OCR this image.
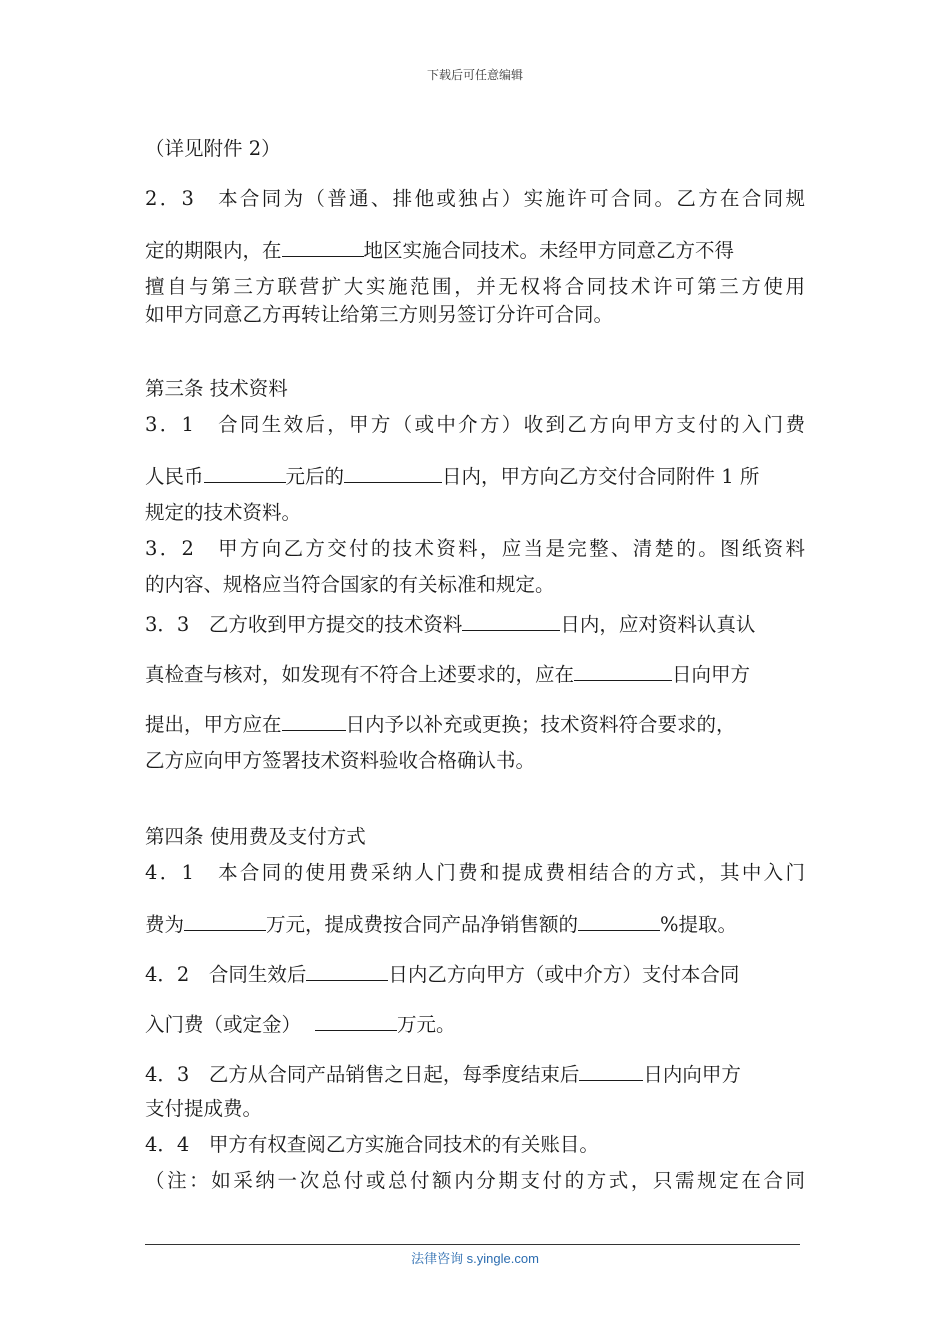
下载后可任意编辑
（详见附件 2）
2．3　本合同为（普通、排他或独占）实施许可合同。乙方在合同规
定的期限内，在	地区实施合同技术。未经甲方同意乙方不得
擅自与第三方联营扩大实施范围，并无权将合同技术许可第三方使用
如甲方同意乙方再转让给第三方则另签订分许可合同。
第三条 技术资料
3．1　合同生效后，甲方（或中介方）收到乙方向甲方支付的入门费
人民币	元后的	日内，甲方向乙方交付合同附件 1 所
规定的技术资料。
3．2　甲方向乙方交付的技术资料，应当是完整、清楚的。图纸资料
的内容、规格应当符合国家的有关标准和规定。
3．3　乙方收到甲方提交的技术资料	日内，应对资料认真认
真检查与核对，如发现有不符合上述要求的，应在	日向甲方
提出，甲方应在	日内予以补充或更换；技术资料符合要求的，
乙方应向甲方签署技术资料验收合格确认书。
第四条 使用费及支付方式
4．1　本合同的使用费采纳人门费和提成费相结合的方式，其中入门
费为	万元，提成费按合同产品净销售额的	%提取。
4．2　合同生效后	日内乙方向甲方（或中介方）支付本合同
入门费（或定金）	万元。
4．3　乙方从合同产品销售之日起，每季度结束后	日内向甲方
支付提成费。
4．4　甲方有权查阅乙方实施合同技术的有关账目。
（注：如采纳一次总付或总付额内分期支付的方式，只需规定在合同
法律咨询 s.yingle.com
